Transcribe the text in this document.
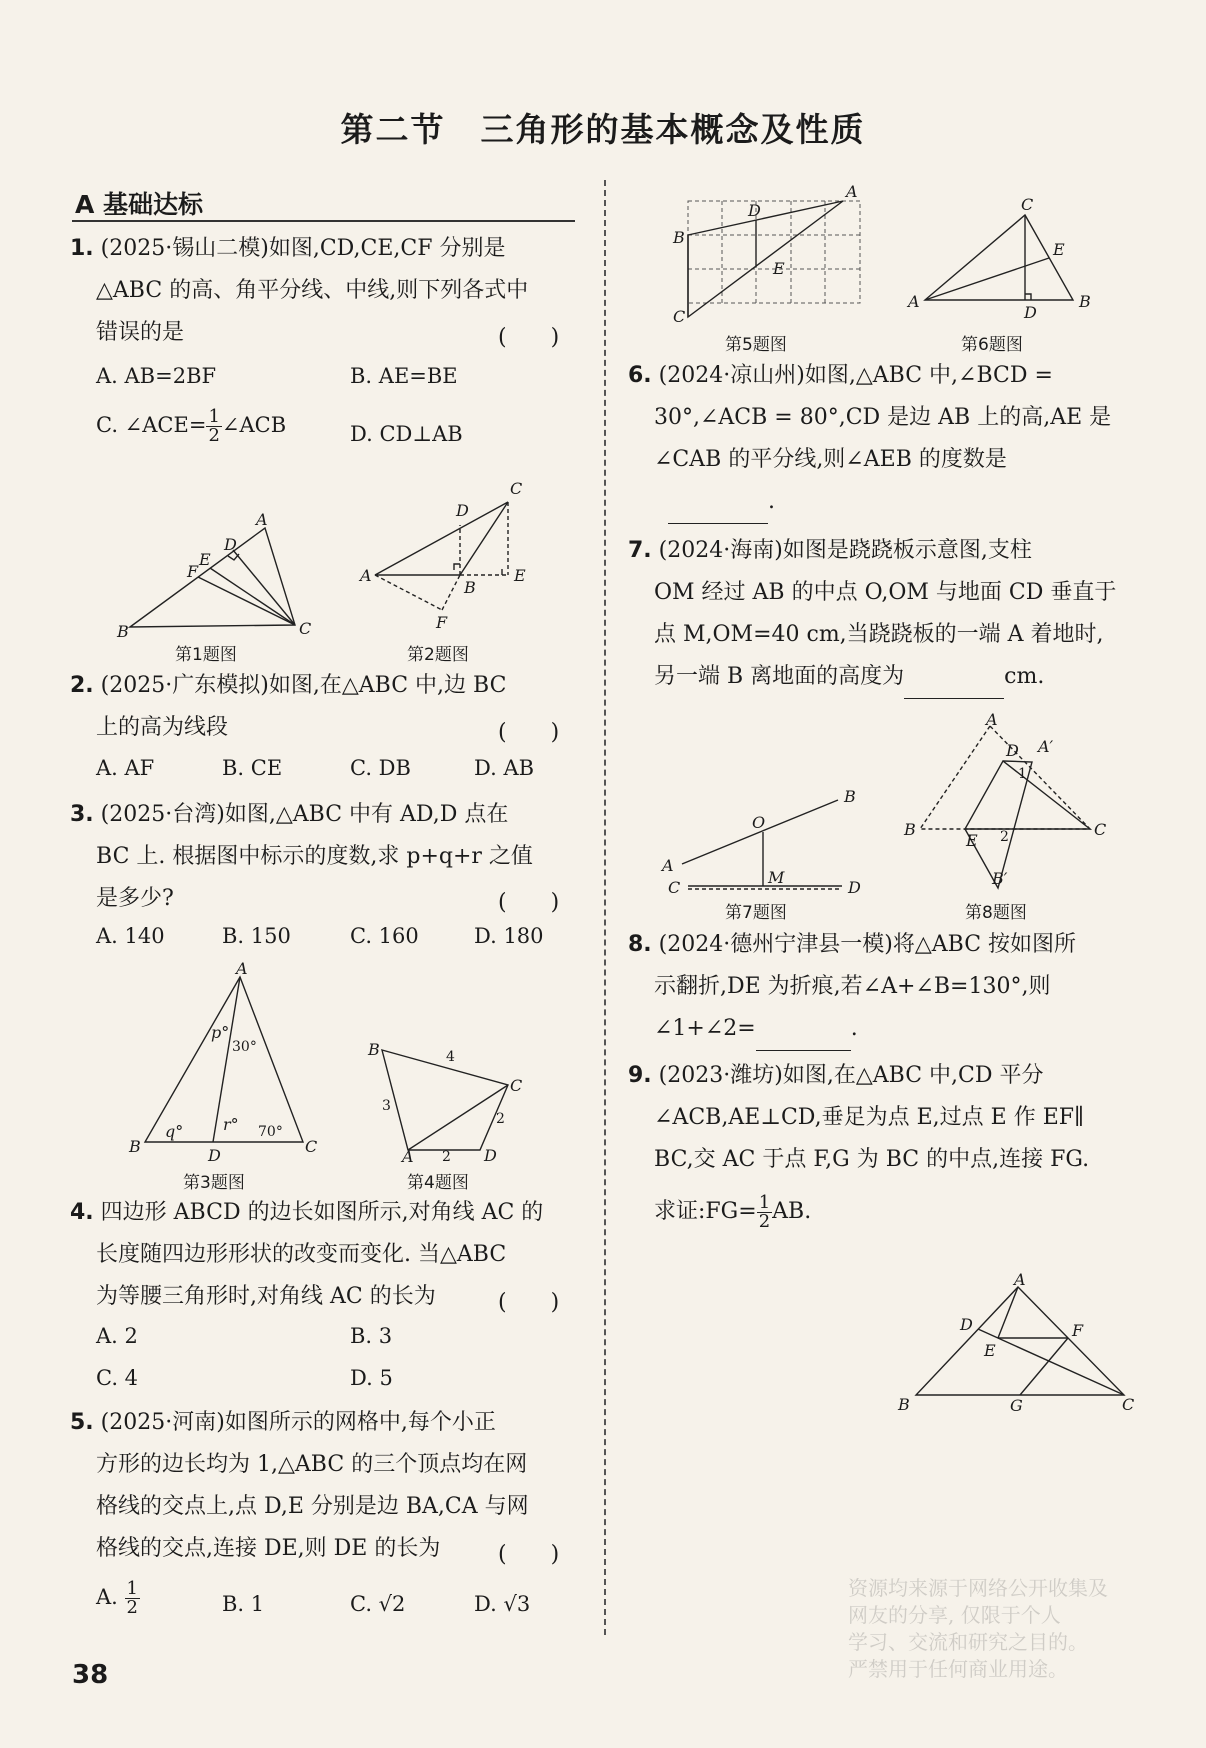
第二节　三角形的基本概念及性质
A 基础达标
1. (2025·锡山二模)如图,CD,CE,CF 分别是
△ABC 的高、角平分线、中线,则下列各式中
错误的是	(　　)
A. AB=2BF	B. AE=BE
C. ∠ACE= $\frac{1}{2}$ ∠ACB	D. CD⊥AB
A
B	C
D
E
F
第1题图
C
D
A
B
E
F
第2题图
2. (2025·广东模拟)如图,在△ABC 中,边 BC
上的高为线段	(　　)
A. AF	B. CE	C. DB	D. AB
3. (2025·台湾)如图,△ABC 中有 AD,D 点在
BC 上. 根据图中标示的度数,求 p+q+r 之值
是多少?	(　　)
A. 140	B. 150	C. 160	D. 180
A
B	C
D
p°
30°
q° r° 70°
第3题图
B
C
D
A
4
3
2
2
第4题图
4. 四边形 ABCD 的边长如图所示,对角线 AC 的
长度随四边形形状的改变而变化. 当△ABC
为等腰三角形时,对角线 AC 的长为	(　　)
A. 2	B. 3
C. 4	D. 5
5. (2025·河南)如图所示的网格中,每个小正
方形的边长均为 1,△ABC 的三个顶点均在网
格线的交点上,点 D,E 分别是边 BA,CA 与网
格线的交点,连接 DE,则 DE 的长为	(　　)
A. $\frac{1}{2}$	B. 1	C. √2	D. √3
38
A
B
C
D
E
第5题图
C
A	B
D
E
第6题图
6. (2024·凉山州)如图,△ABC 中,∠BCD =
30°,∠ACB = 80°,CD 是边 AB 上的高,AE 是
∠CAB 的平分线,则∠AEB 的度数是
.
7. (2024·海南)如图是跷跷板示意图,支柱
OM 经过 AB 的中点 O,OM 与地面 CD 垂直于
点 M,OM=40 cm,当跷跷板的一端 A 着地时,
另一端 B 离地面的高度为	cm.
A
B
C	D
O
M
第7题图
A
D A′
B	C
E
B′
1
2
第8题图
8. (2024·德州宁津县一模)将△ABC 按如图所
示翻折,DE 为折痕,若∠A+∠B=130°,则
∠1+∠2=	.
9. (2023·潍坊)如图,在△ABC 中,CD 平分
∠ACB,AE⊥CD,垂足为点 E,过点 E 作 EF∥
BC,交 AC 于点 F,G 为 BC 的中点,连接 FG.
求证:FG= $\frac{1}{2}$ AB.
A
B	C
D
E
F
G
资源均来源于网络公开收集及
网友的分享, 仅限于个人
学习、交流和研究之目的。
严禁用于任何商业用途。
